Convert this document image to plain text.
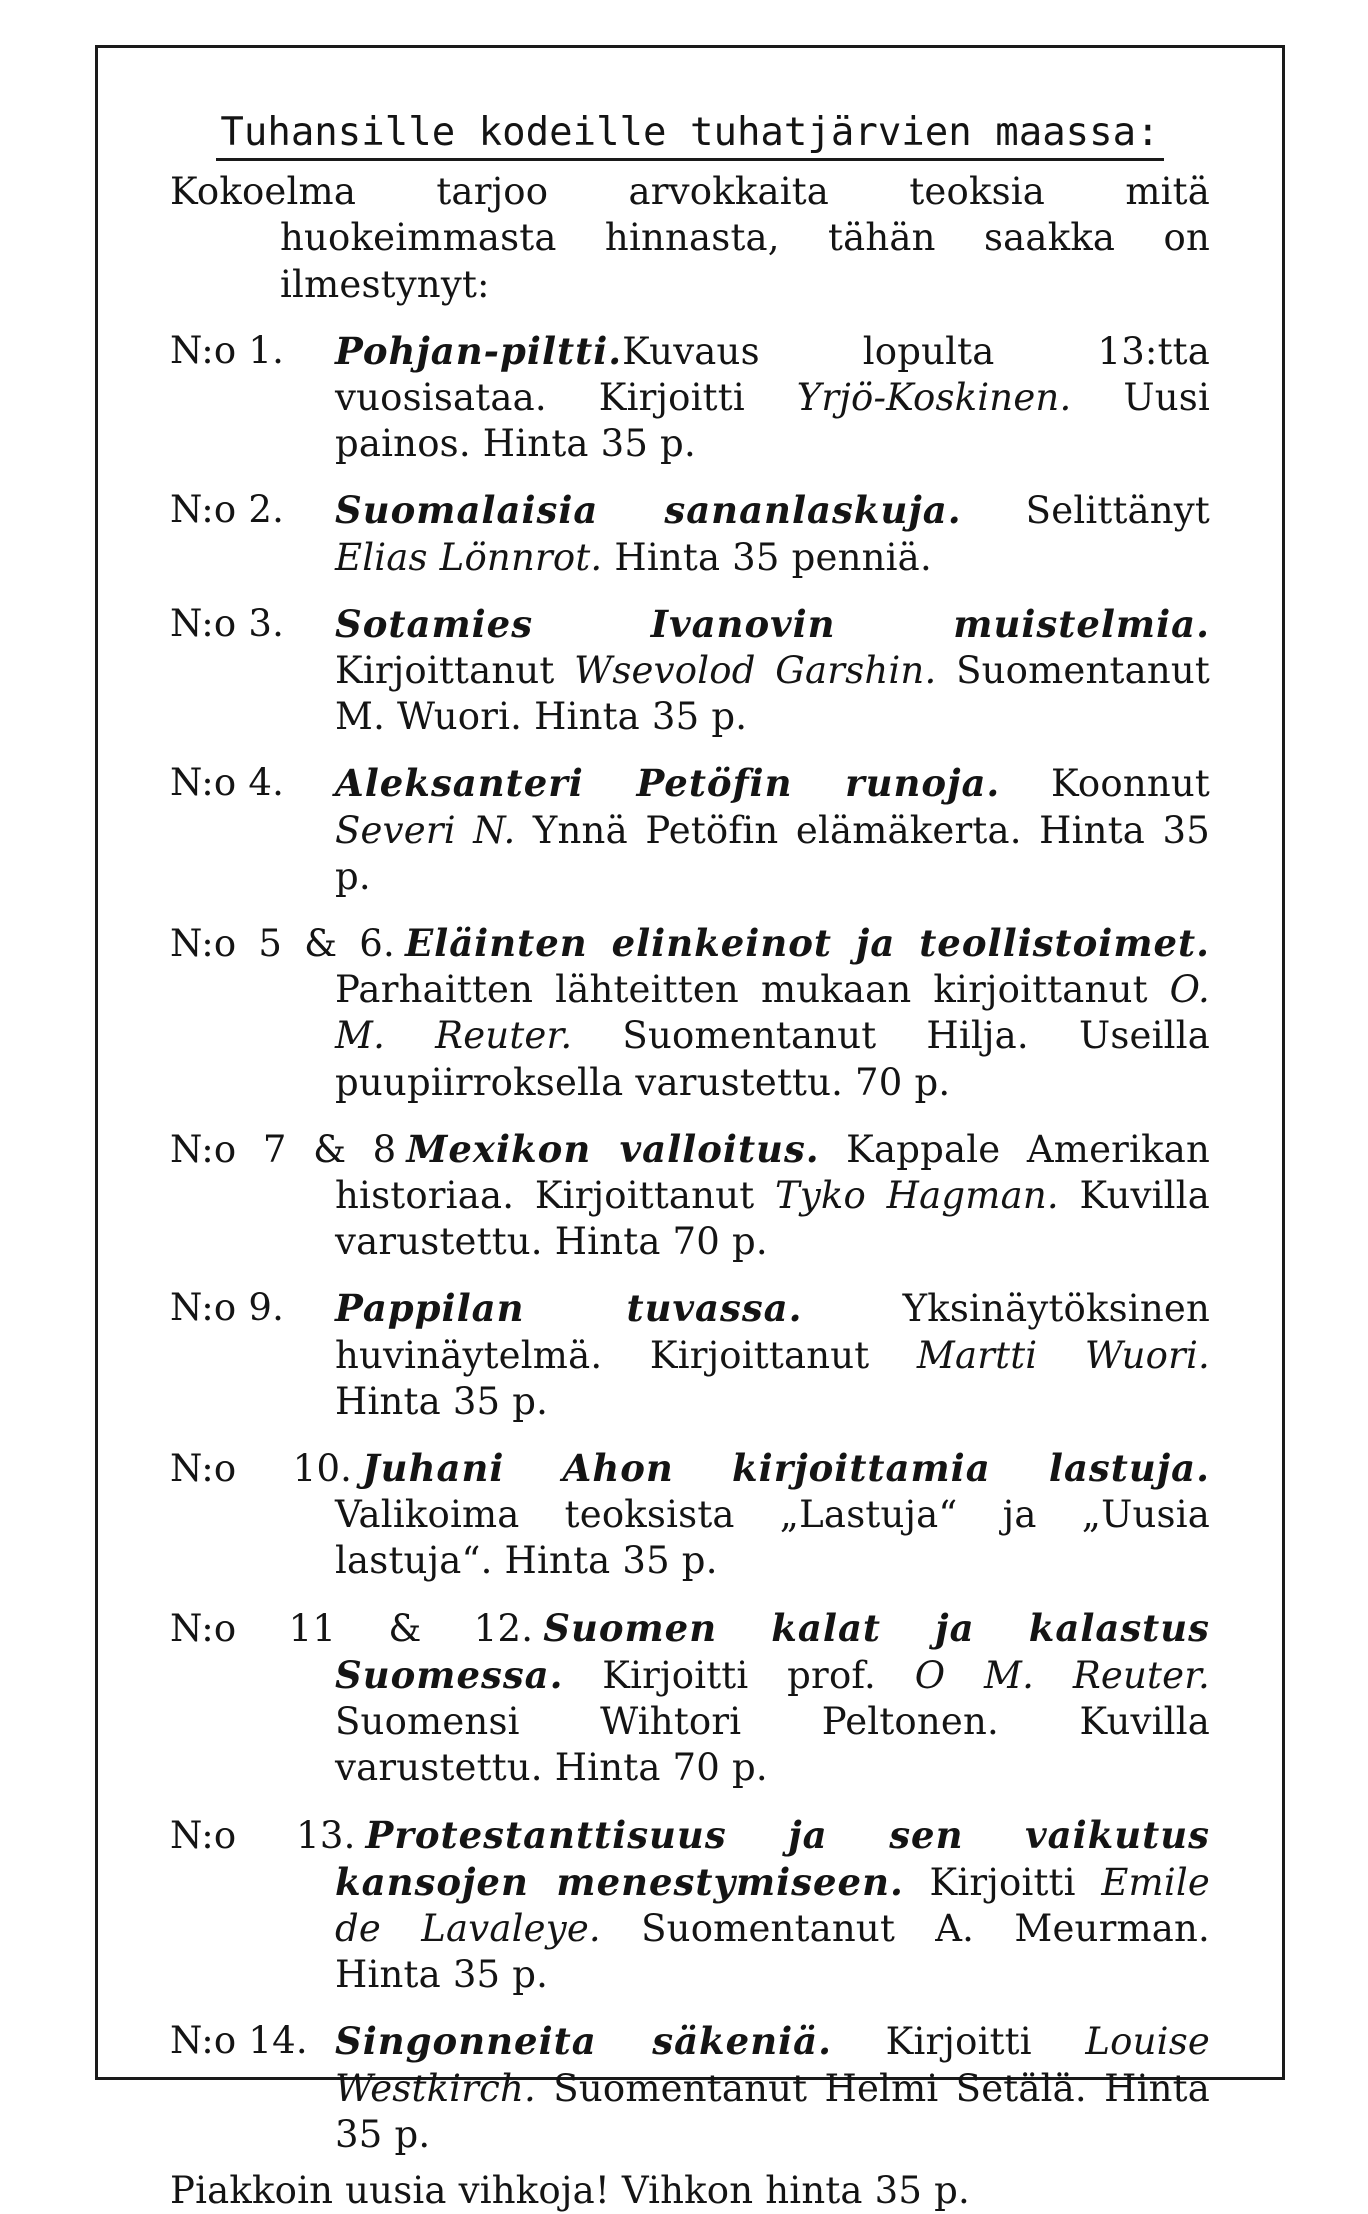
Tuhansille kodeille tuhatjärvien maassa:
Kokoelma tarjoo arvokkaita teoksia mitä huokeimmasta hinnasta, tähän saakka on ilmestynyt:
N:o 1. Pohjan-piltti.Kuvaus lopulta 13:tta vuosisataa. Kirjoitti Yrjö-Koskinen. Uusi painos. Hinta 35 p.
N:o 2. Suomalaisia sananlaskuja. Selittänyt Elias Lönnrot. Hinta 35 penniä.
N:o 3. Sotamies Ivanovin muistelmia. Kirjoittanut Wsevolod Garshin. Suomentanut M. Wuori. Hinta 35 p.
N:o 4. Aleksanteri Petöfin runoja. Koonnut Severi N. Ynnä Petöfin elämäkerta. Hinta 35 p.
N:o 5 & 6. Eläinten elinkeinot ja teollistoimet. Parhaitten lähteitten mukaan kirjoittanut O. M. Reuter. Suomentanut Hilja. Useilla puupiirroksella varustettu. 70 p.
N:o 7 & 8 Mexikon valloitus. Kappale Amerikan historiaa. Kirjoittanut Tyko Hagman. Kuvilla varustettu. Hinta 70 p.
N:o 9. Pappilan tuvassa. Yksinäytöksinen huvinäytelmä. Kirjoittanut Martti Wuori. Hinta 35 p.
N:o 10. Juhani Ahon kirjoittamia lastuja. Valikoima teoksista „Lastuja“ ja „Uusia lastuja“. Hinta 35 p.
N:o 11 & 12. Suomen kalat ja kalastus Suomessa. Kirjoitti prof. O M. Reuter. Suomensi Wihtori Peltonen. Kuvilla varustettu. Hinta 70 p.
N:o 13. Protestanttisuus ja sen vaikutus kansojen menestymiseen. Kirjoitti Emile de Lavaleye. Suomentanut A. Meurman. Hinta 35 p.
N:o 14. Singonneita säkeniä. Kirjoitti Louise Westkirch. Suomentanut Helmi Setälä. Hinta 35 p.
Piakkoin uusia vihkoja! Vihkon hinta 35 p.
